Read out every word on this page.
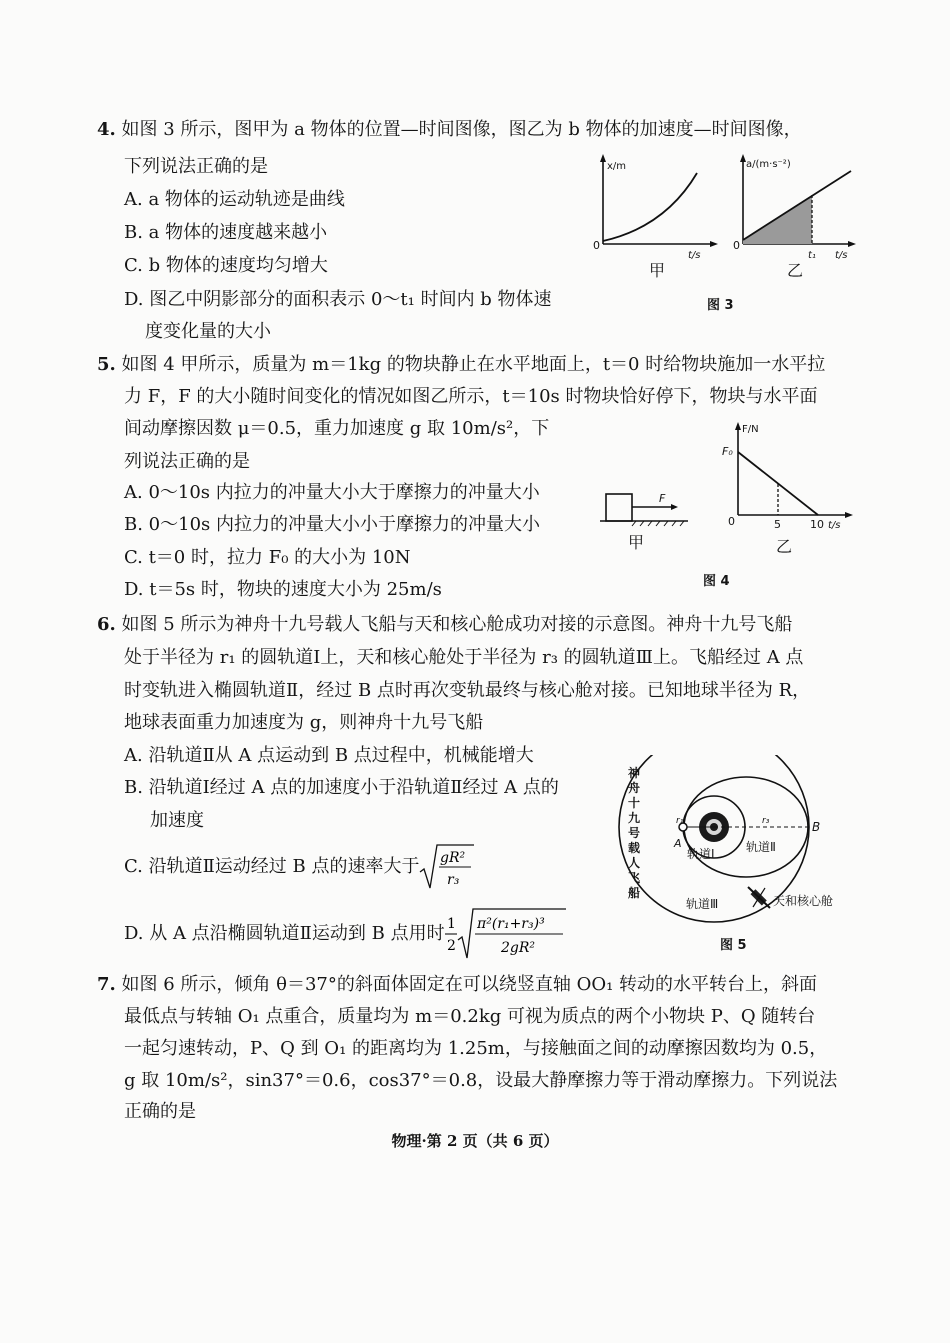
4. 如图 3 所示，图甲为 a 物体的位置—时间图像，图乙为 b 物体的加速度—时间图像，
下列说法正确的是
A. a 物体的运动轨迹是曲线
B. a 物体的速度越来越小
C. b 物体的速度均匀增大
D. 图乙中阴影部分的面积表示 0～t₁ 时间内 b 物体速
度变化量的大小
x/m
t/s
0
甲
a/(m·s⁻²)
t/s
t₁
0
乙
图 3
5. 如图 4 甲所示，质量为 m＝1kg 的物块静止在水平地面上，t＝0 时给物块施加一水平拉
力 F，F 的大小随时间变化的情况如图乙所示，t＝10s 时物块恰好停下，物块与水平面
间动摩擦因数 μ＝0.5，重力加速度 g 取 10m/s²，下
列说法正确的是
A. 0～10s 内拉力的冲量大小大于摩擦力的冲量大小
B. 0～10s 内拉力的冲量大小小于摩擦力的冲量大小
C. t＝0 时，拉力 F₀ 的大小为 10N
D. t＝5s 时，物块的速度大小为 25m/s
F
甲
F/N
F₀
0	5	10 t/s
乙
图 4
6. 如图 5 所示为神舟十九号载人飞船与天和核心舱成功对接的示意图。神舟十九号飞船
处于半径为 r₁ 的圆轨道Ⅰ上，天和核心舱处于半径为 r₃ 的圆轨道Ⅲ上。飞船经过 A 点
时变轨进入椭圆轨道Ⅱ，经过 B 点时再次变轨最终与核心舱对接。已知地球半径为 R，
地球表面重力加速度为 g，则神舟十九号飞船
A. 沿轨道Ⅱ从 A 点运动到 B 点过程中，机械能增大
B. 沿轨道Ⅰ经过 A 点的加速度小于沿轨道Ⅱ经过 A 点的
加速度
C. 沿轨道Ⅱ运动经过 B 点的速率大于 gR²
r₃
D. 从 A 点沿椭圆轨道Ⅱ运动到 B 点用时 1
2
π²(r₁+r₃)³
2gR²
神
舟
十
九
号
载
人
飞
船
r₁	r₃
A
B
轨道Ⅰ	轨道Ⅱ
轨道Ⅲ	天和核心舱
图 5
7. 如图 6 所示，倾角 θ＝37°的斜面体固定在可以绕竖直轴 OO₁ 转动的水平转台上，斜面
最低点与转轴 O₁ 点重合，质量均为 m＝0.2kg 可视为质点的两个小物块 P、Q 随转台
一起匀速转动，P、Q 到 O₁ 的距离均为 1.25m，与接触面之间的动摩擦因数均为 0.5，
g 取 10m/s²，sin37°＝0.6，cos37°＝0.8，设最大静摩擦力等于滑动摩擦力。下列说法
正确的是
物理·第 2 页（共 6 页）
